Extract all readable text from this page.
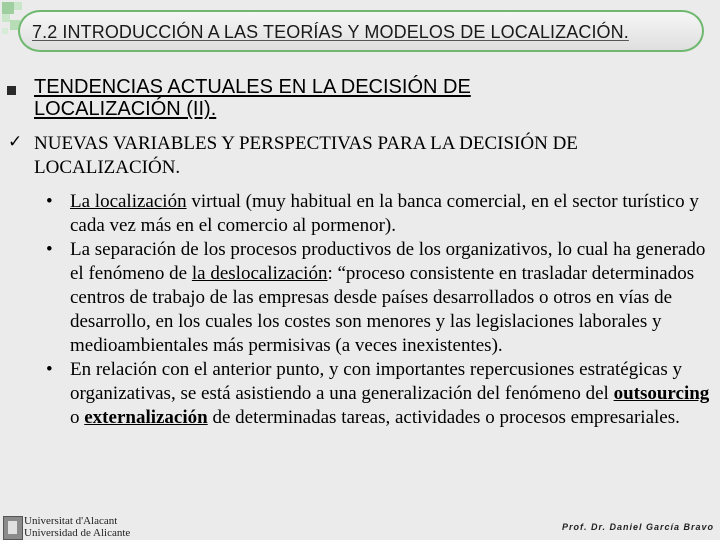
7.2 INTRODUCCIÓN A LAS TEORÍAS Y MODELOS DE LOCALIZACIÓN.
TENDENCIAS ACTUALES EN LA DECISIÓN DE LOCALIZACIÓN (II).
✓ NUEVAS VARIABLES Y PERSPECTIVAS PARA LA DECISIÓN DE LOCALIZACIÓN.
• La localización virtual (muy habitual en la banca comercial, en el sector turístico y cada vez más en el comercio al pormenor).
• La separación de los procesos productivos de los organizativos, lo cual ha generado el fenómeno de la deslocalización: “proceso consistente en trasladar determinados centros de trabajo de las empresas desde países desarrollados o otros en vías de desarrollo, en los cuales los costes son menores y las legislaciones laborales y medioambientales más permisivas (a veces inexistentes).
• En relación con el anterior punto, y con importantes repercusiones estratégicas y organizativas, se está asistiendo a una generalización del fenómeno del outsourcing o externalización de determinadas tareas, actividades o procesos empresariales.
Universitat d'Alacant
Universidad de Alicante	Prof. Dr. Daniel García Bravo
